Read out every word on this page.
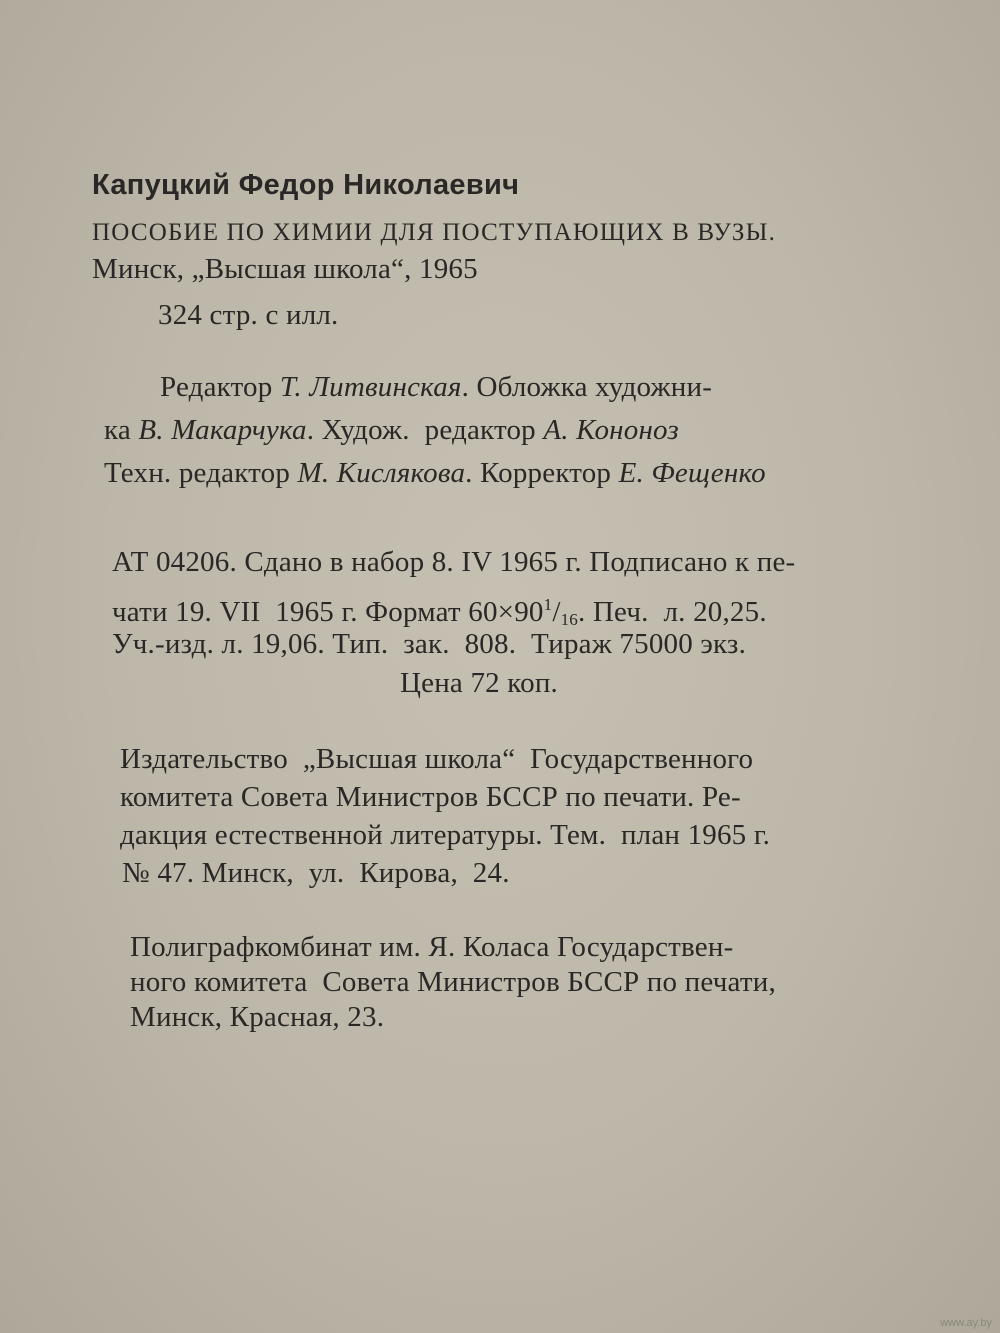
Капуцкий Федор Николаевич
ПОСОБИЕ ПО ХИМИИ ДЛЯ ПОСТУПАЮЩИХ В ВУЗЫ.
Минск, „Высшая школа“, 1965
324 стр. с илл.
Редактор Т. Литвинская. Обложка художни-
ка В. Макарчука. Худож.  редактор А. Кононоз
Техн. редактор М. Кислякова. Корректор Е. Фещенко
АТ 04206. Сдано в набор 8. IV 1965 г. Подписано к пе-
чати 19. VII  1965 г. Формат $60\times 90^1/_{16}$. Печ.  л. 20,25.
Уч.-изд. л. 19,06. Тип.  зак.  808.  Тираж 75000 экз.
Цена 72 коп.
Издательство  „Высшая школа“  Государственного
комитета Совета Министров БССР по печати. Ре-
дакция естественной литературы. Тем.  план 1965 г.
№ 47. Минск,  ул.  Кирова,  24.
Полиграфкомбинат им. Я. Коласа Государствен-
ного комитета  Совета Министров БССР по печати,
Минск, Красная, 23.
www.ay.by
